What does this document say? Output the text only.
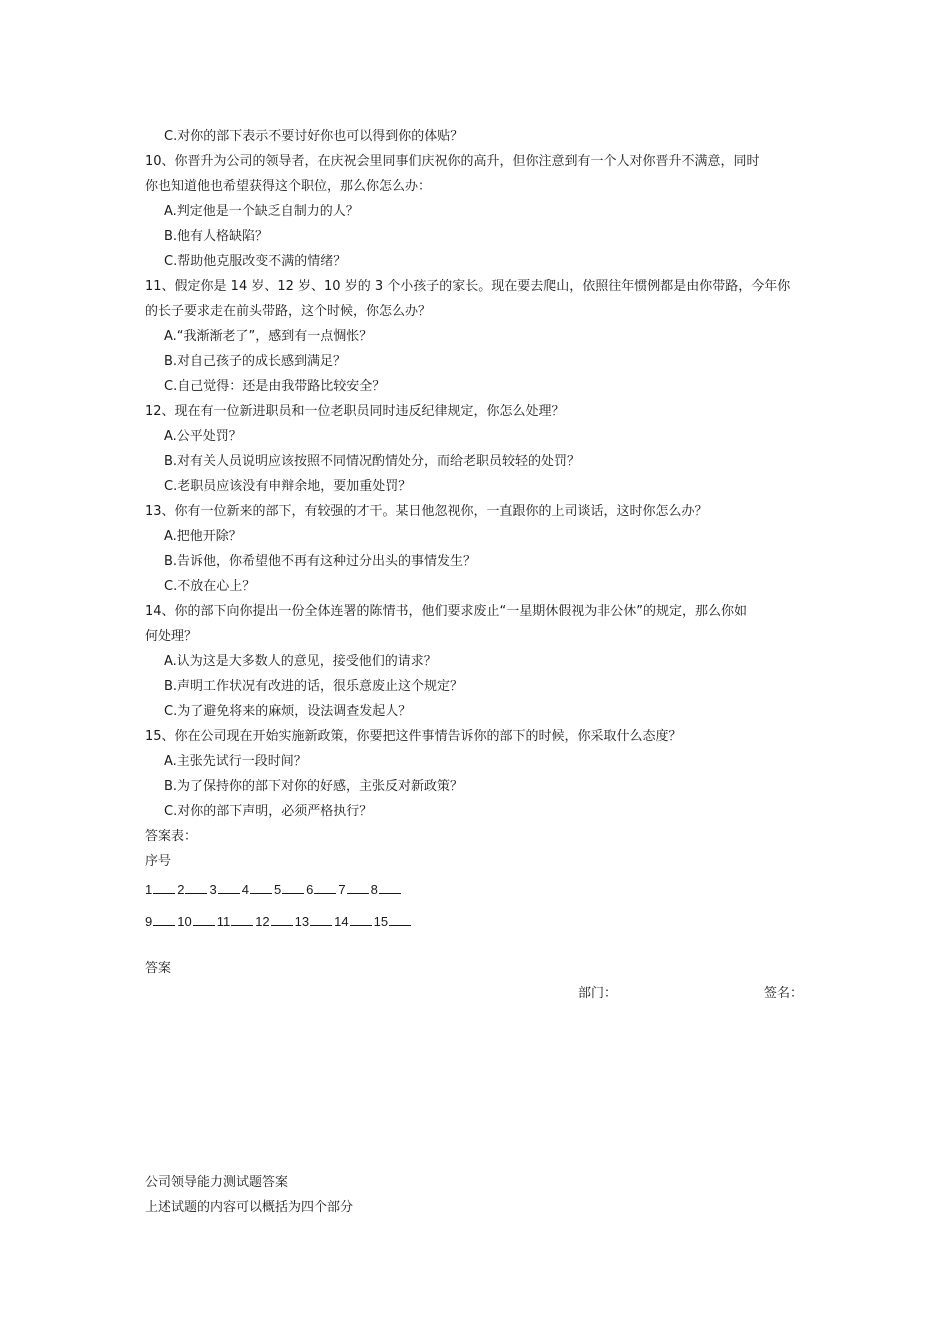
C.对你的部下表示不要讨好你也可以得到你的体贴？
10、你晋升为公司的领导者，在庆祝会里同事们庆祝你的高升，但你注意到有一个人对你晋升不满意，同时
你也知道他也希望获得这个职位，那么你怎么办：
A.判定他是一个缺乏自制力的人？
B.他有人格缺陷？
C.帮助他克服改变不满的情绪？
11、假定你是 14 岁、12 岁、10 岁的 3 个小孩子的家长。现在要去爬山，依照往年惯例都是由你带路，今年你
的长子要求走在前头带路，这个时候，你怎么办？
A.“我渐渐老了”，感到有一点惆怅？
B.对自己孩子的成长感到满足？
C.自己觉得：还是由我带路比较安全？
12、现在有一位新进职员和一位老职员同时违反纪律规定，你怎么处理？
A.公平处罚？
B.对有关人员说明应该按照不同情况酌情处分，而给老职员较轻的处罚？
C.老职员应该没有申辩余地，要加重处罚？
13、你有一位新来的部下，有较强的才干。某日他忽视你，一直跟你的上司谈话，这时你怎么办？
A.把他开除？
B.告诉他，你希望他不再有这种过分出头的事情发生？
C.不放在心上？
14、你的部下向你提出一份全体连署的陈情书，他们要求废止“一星期休假视为非公休”的规定，那么你如
何处理？
A.认为这是大多数人的意见，接受他们的请求？
B.声明工作状况有改进的话，很乐意废止这个规定？
C.为了避免将来的麻烦，设法调查发起人？
15、你在公司现在开始实施新政策，你要把这件事情告诉你的部下的时候，你采取什么态度？
A.主张先试行一段时间？
B.为了保持你的部下对你的好感，主张反对新政策？
C.对你的部下声明，必须严格执行？
答案表：
序号
1 2 3 4 5 6 7 8
9 10 11 12 13 14 15
答案
部门：	签名：
公司领导能力测试题答案
上述试题的内容可以概括为四个部分
